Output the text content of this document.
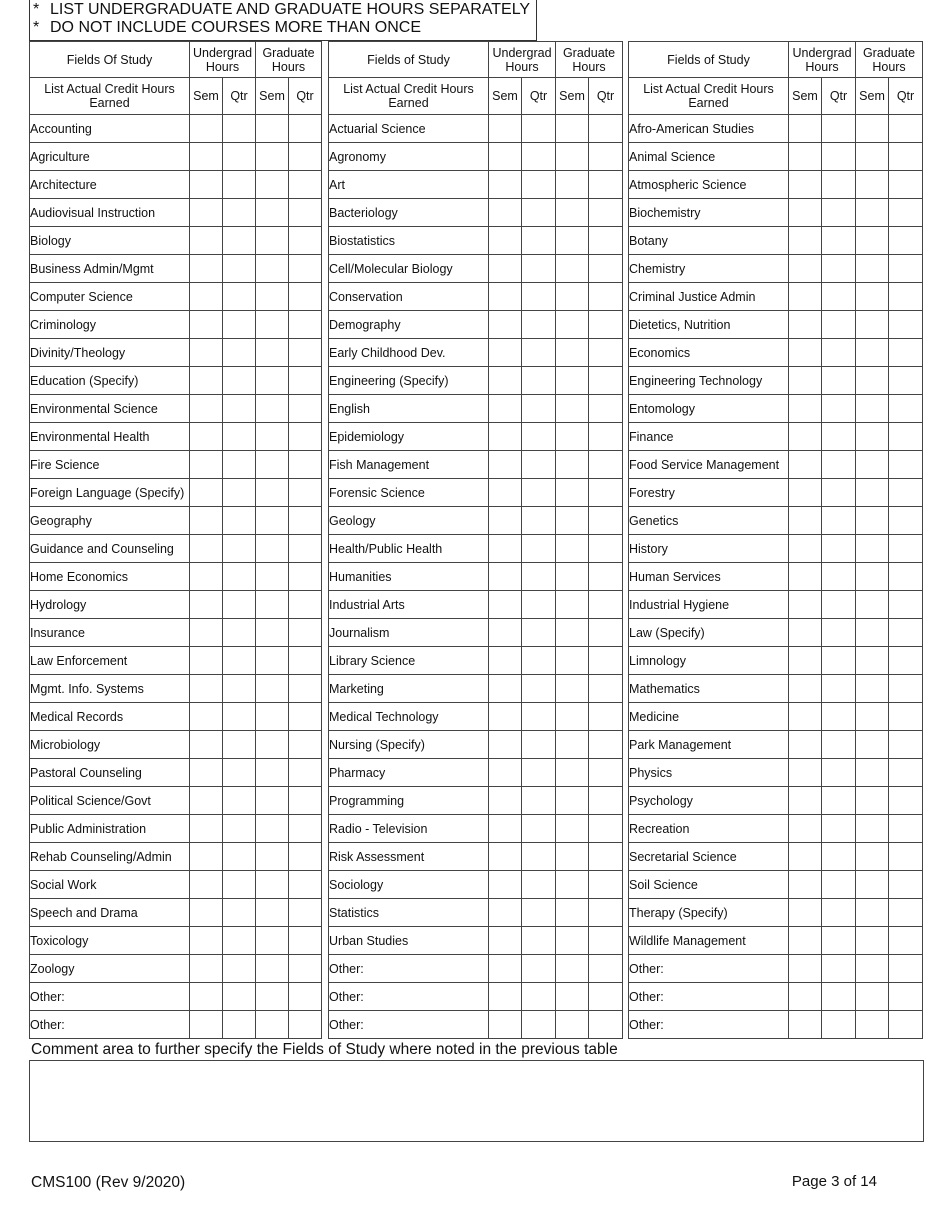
* LIST UNDERGRADUATE AND GRADUATE HOURS SEPARATELY
* DO NOT INCLUDE COURSES MORE THAN ONCE
Fields Of Study	Undergrad Hours		Graduate Hours	
List Actual Credit Hours Earned	Sem	Qtr	Sem	Qtr
Accounting				
Agriculture				
Architecture				
Audiovisual Instruction				
Biology				
Business Admin/Mgmt				
Computer Science				
Criminology				
Divinity/Theology				
Education (Specify)				
Environmental Science				
Environmental Health				
Fire Science				
Foreign Language (Specify)				
Geography				
Guidance and Counseling				
Home Economics				
Hydrology				
Insurance				
Law Enforcement				
Mgmt. Info. Systems				
Medical Records				
Microbiology				
Pastoral Counseling				
Political Science/Govt				
Public Administration				
Rehab Counseling/Admin				
Social Work				
Speech and Drama				
Toxicology				
Zoology				
Other:				
Other:				
Fields of Study	Undergrad Hours		Graduate Hours	
List Actual Credit Hours Earned	Sem	Qtr	Sem	Qtr
Actuarial Science				
Agronomy				
Art				
Bacteriology				
Biostatistics				
Cell/Molecular Biology				
Conservation				
Demography				
Early Childhood Dev.				
Engineering (Specify)				
English				
Epidemiology				
Fish Management				
Forensic Science				
Geology				
Health/Public Health				
Humanities				
Industrial Arts				
Journalism				
Library Science				
Marketing				
Medical Technology				
Nursing (Specify)				
Pharmacy				
Programming				
Radio - Television				
Risk Assessment				
Sociology				
Statistics				
Urban Studies				
Other:				
Other:				
Other:				
Fields of Study	Undergrad Hours		Graduate Hours	
List Actual Credit Hours Earned	Sem	Qtr	Sem	Qtr
Afro-American Studies				
Animal Science				
Atmospheric Science				
Biochemistry				
Botany				
Chemistry				
Criminal Justice Admin				
Dietetics, Nutrition				
Economics				
Engineering Technology				
Entomology				
Finance				
Food Service Management				
Forestry				
Genetics				
History				
Human Services				
Industrial Hygiene				
Law (Specify)				
Limnology				
Mathematics				
Medicine				
Park Management				
Physics				
Psychology				
Recreation				
Secretarial Science				
Soil Science				
Therapy (Specify)				
Wildlife Management				
Other:				
Other:				
Other:				
Comment area to further specify the Fields of Study where noted in the previous table
CMS100 (Rev 9/2020)	Page 3 of 14
